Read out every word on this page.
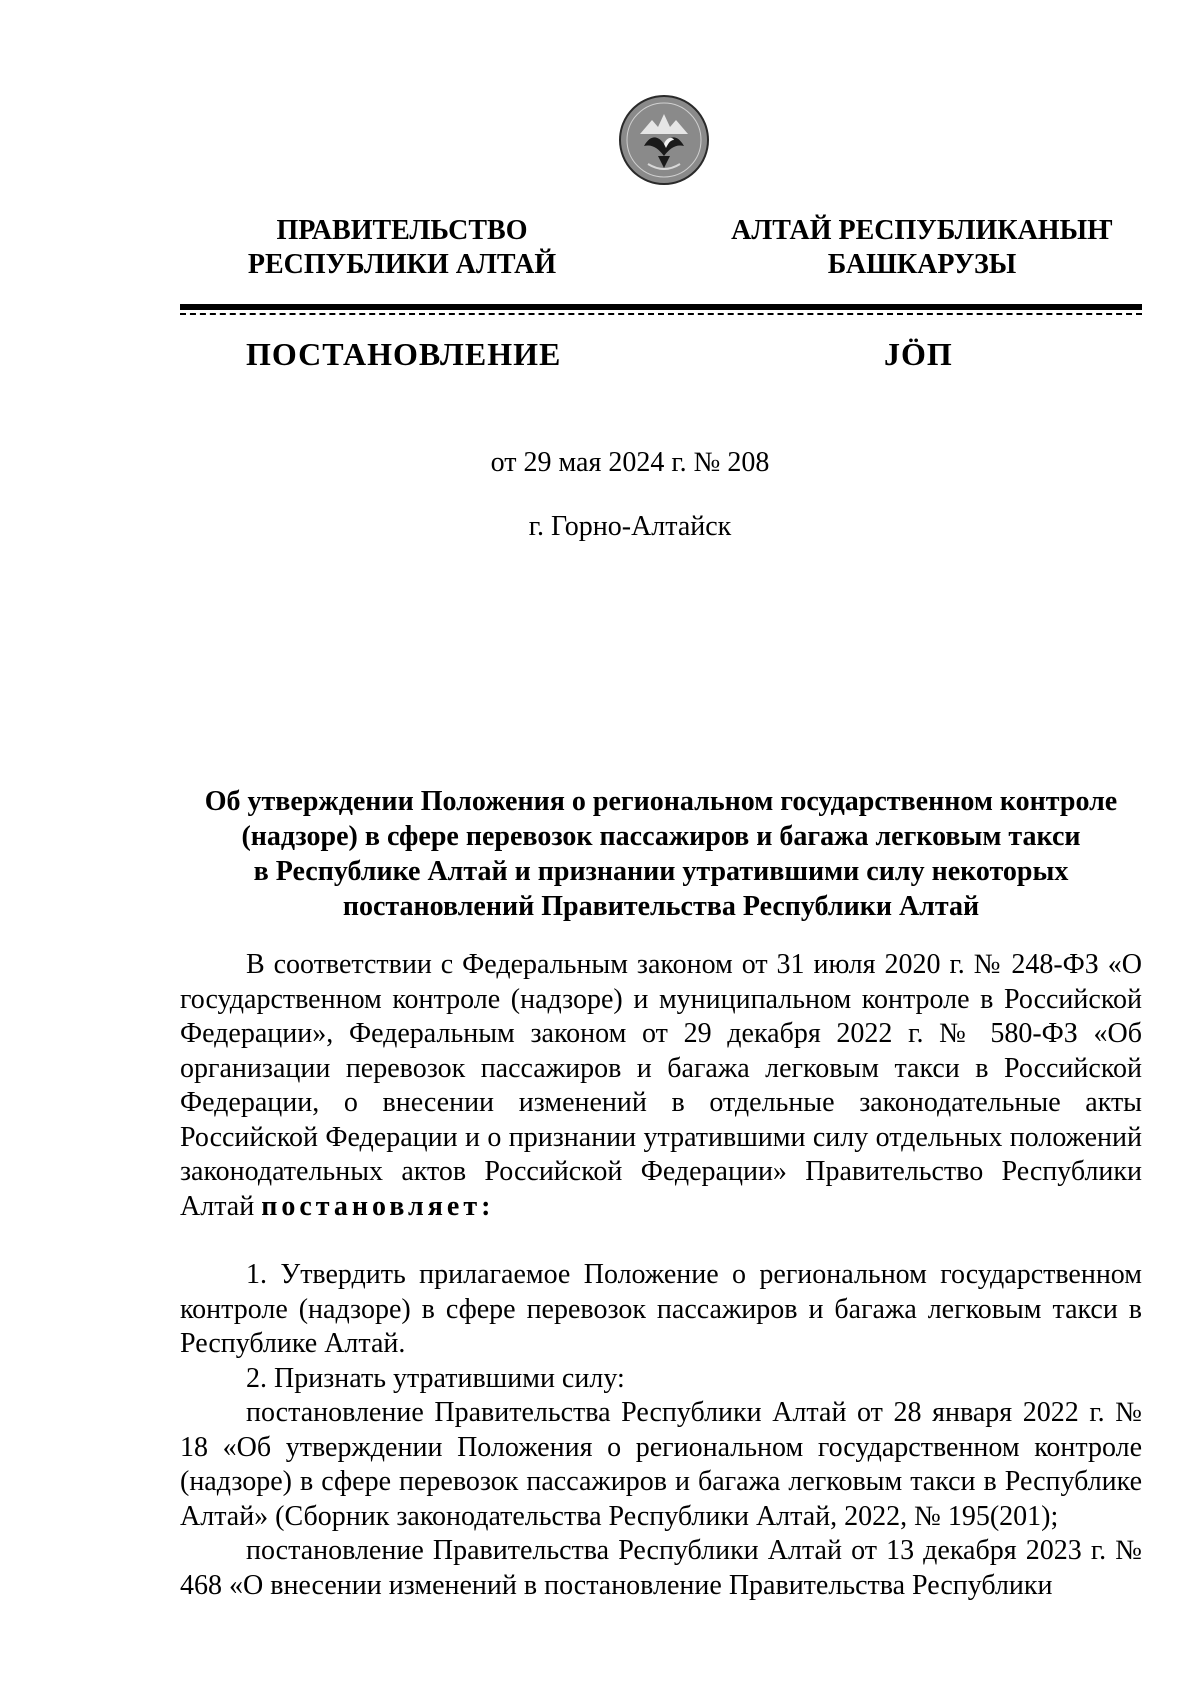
ПРАВИТЕЛЬСТВО
РЕСПУБЛИКИ АЛТАЙ
АЛТАЙ РЕСПУБЛИКАНЫҤ
БАШКАРУЗЫ
ПОСТАНОВЛЕНИЕ	JÖП
от 29 мая 2024 г. № 208
г. Горно-Алтайск
Об утверждении Положения о региональном государственном контроле
(надзоре) в сфере перевозок пассажиров и багажа легковым такси
в Республике Алтай и признании утратившими силу некоторых
постановлений Правительства Республики Алтай

В соответствии с Федеральным законом от 31 июля 2020 г. № 248-ФЗ «О государственном контроле (надзоре) и муниципальном контроле в Российской Федерации», Федеральным законом от 29 декабря 2022 г. № 580-ФЗ «Об организации перевозок пассажиров и багажа легковым такси в Российской Федерации, о внесении изменений в отдельные законодательные акты Российской Федерации и о признании утратившими силу отдельных положений законодательных актов Российской Федерации» Правительство Республики Алтай постановляет:

1. Утвердить прилагаемое Положение о региональном государственном контроле (надзоре) в сфере перевозок пассажиров и багажа легковым такси в Республике Алтай.

2. Признать утратившими силу:

постановление Правительства Республики Алтай от 28 января 2022 г. № 18 «Об утверждении Положения о региональном государственном контроле (надзоре) в сфере перевозок пассажиров и багажа легковым такси в Республике Алтай» (Сборник законодательства Республики Алтай, 2022, № 195(201);

постановление Правительства Республики Алтай от 13 декабря 2023 г. № 468 «О внесении изменений в постановление Правительства Республики
